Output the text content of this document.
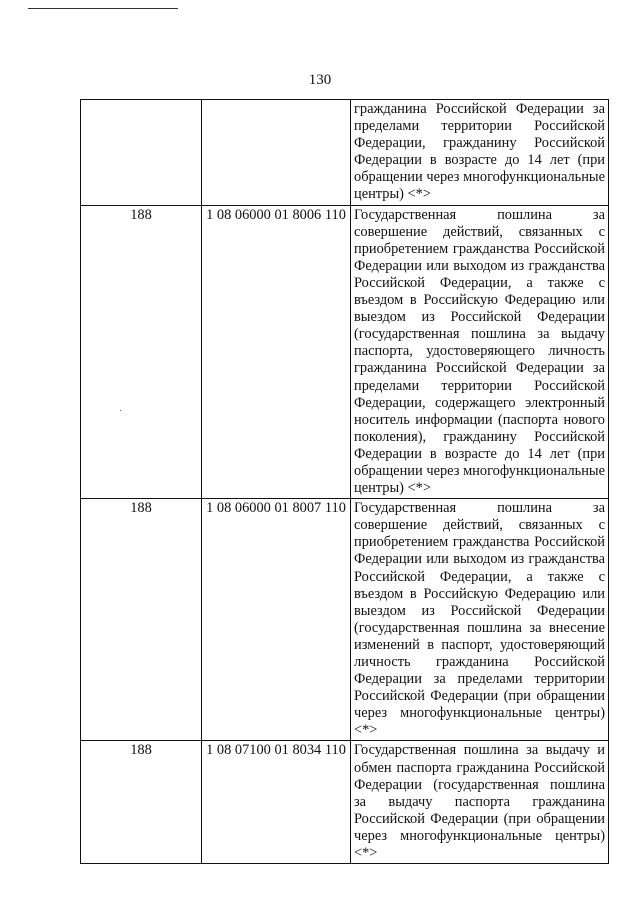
130
		гражданина Российской Федерации за пределами территории Российской Федерации, гражданину Российской Федерации в возрасте до 14 лет (при обращении через многофункциональные центры) <*>
188	1 08 06000 01 8006 110	Государственная пошлина за совершение действий, связанных с приобретением гражданства Российской Федерации или выходом из гражданства Российской Федерации, а также с въездом в Российскую Федерацию или выездом из Российской Федерации (государственная пошлина за выдачу паспорта, удостоверяющего личность гражданина Российской Федерации за пределами территории Российской Федерации, содержащего электронный носитель информации (паспорта нового поколения), гражданину Российской Федерации в возрасте до 14 лет (при обращении через многофункциональные центры) <*>
188	1 08 06000 01 8007 110	Государственная пошлина за совершение действий, связанных с приобретением гражданства Российской Федерации или выходом из гражданства Российской Федерации, а также с въездом в Российскую Федерацию или выездом из Российской Федерации (государственная пошлина за внесение изменений в паспорт, удостоверяющий личность гражданина Российской Федерации за пределами территории Российской Федерации (при обращении через многофункциональные центры) <*>
188	1 08 07100 01 8034 110	Государственная пошлина за выдачу и обмен паспорта гражданина Российской Федерации (государственная пошлина за выдачу паспорта гражданина Российской Федерации (при обращении через многофункциональные центры) <*>
